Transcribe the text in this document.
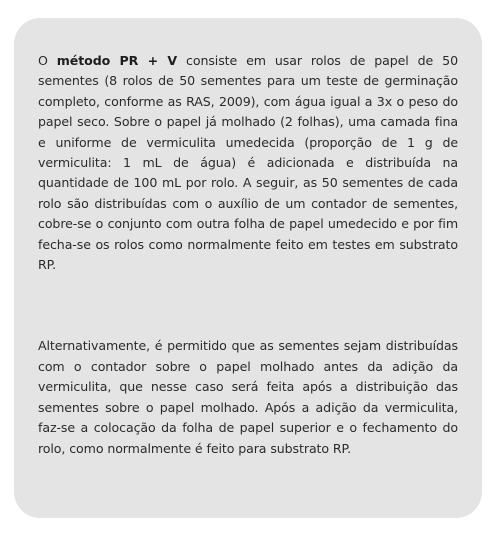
O método PR + V consiste em usar rolos de papel de 50 sementes (8 rolos de 50 sementes para um teste de germinação completo, conforme as RAS, 2009), com água igual a 3x o peso do papel seco. Sobre o papel já molhado (2 folhas), uma camada fina e uniforme de vermiculita umedecida (proporção de 1 g de vermiculita: 1 mL de água) é adicionada e distribuída na quantidade de 100 mL por rolo. A seguir, as 50 sementes de cada rolo são distribuídas com o auxílio de um contador de sementes, cobre-se o conjunto com outra folha de papel umedecido e por fim fecha-se os rolos como normalmente feito em testes em substrato RP.

Alternativamente, é permitido que as sementes sejam distribuídas com o contador sobre o papel molhado antes da adição da vermiculita, que nesse caso será feita após a distribuição das sementes sobre o papel molhado. Após a adição da vermiculita, faz-se a colocação da folha de papel superior e o fechamento do rolo, como normalmente é feito para substrato RP.
